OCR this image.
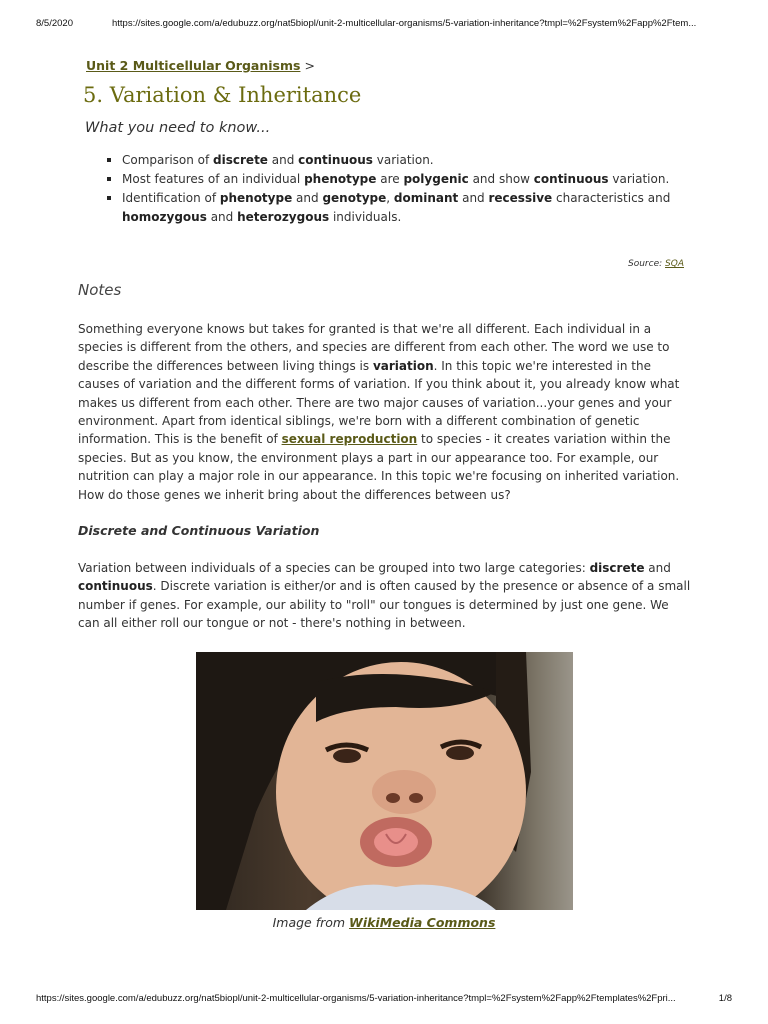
8/5/2020	https://sites.google.com/a/edubuzz.org/nat5biopl/unit-2-multicellular-organisms/5-variation-inheritance?tmpl=%2Fsystem%2Fapp%2Ftem...
Unit 2 Multicellular Organisms >
5. Variation & Inheritance
What you need to know...
Comparison of discrete and continuous variation.
Most features of an individual phenotype are polygenic and show continuous variation.
Identification of phenotype and genotype, dominant and recessive characteristics and homozygous and heterozygous individuals.
Source: SQA
Notes

Something everyone knows but takes for granted is that we're all different. Each individual in a species is different from the others, and species are different from each other. The word we use to describe the differences between living things is variation. In this topic we're interested in the causes of variation and the different forms of variation. If you think about it, you already know what makes us different from each other. There are two major causes of variation...your genes and your environment. Apart from identical siblings, we're born with a different combination of genetic information. This is the benefit of sexual reproduction to species - it creates variation within the species. But as you know, the environment plays a part in our appearance too. For example, our nutrition can play a major role in our appearance. In this topic we're focusing on inherited variation. How do those genes we inherit bring about the differences between us?

Discrete and Continuous Variation

Variation between individuals of a species can be grouped into two large categories: discrete and continuous. Discrete variation is either/or and is often caused by the presence or absence of a small number if genes. For example, our ability to "roll" our tongues is determined by just one gene. We can all either roll our tongue or not - there's nothing in between.

Image from WikiMedia Commons
https://sites.google.com/a/edubuzz.org/nat5biopl/unit-2-multicellular-organisms/5-variation-inheritance?tmpl=%2Fsystem%2Fapp%2Ftemplates%2Fpri...	1/8
